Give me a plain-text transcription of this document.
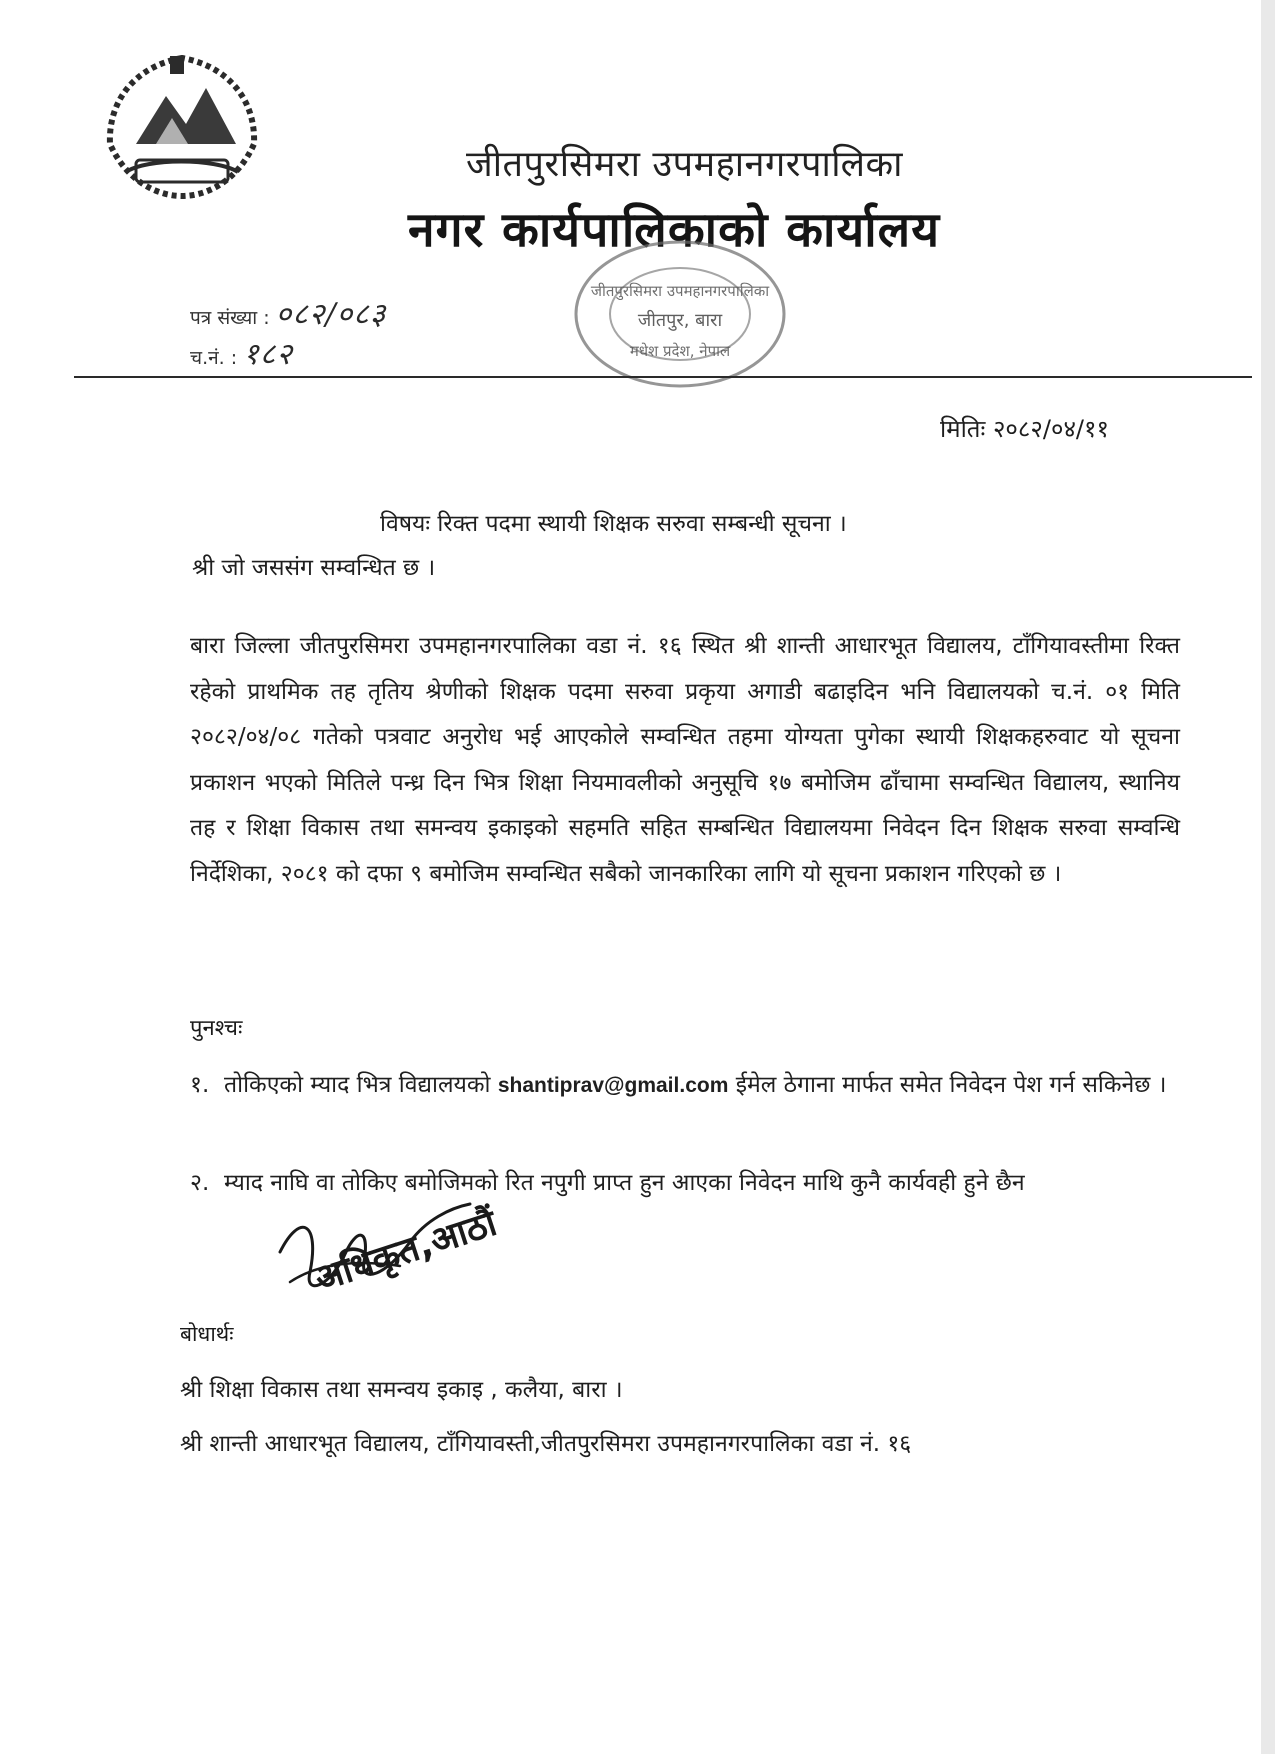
जीतपुरसिमरा उपमहानगरपालिका
नगर कार्यपालिकाको कार्यालय
पत्र संख्या : ०८२/०८३
च.नं. : १८२
जीतपुरसिमरा उपमहानगरपालिका
जीतपुर, बारा
मधेश प्रदेश, नेपाल
मितिः २०८२/०४/११
विषयः रिक्त पदमा स्थायी शिक्षक सरुवा सम्बन्धी सूचना ।
श्री जो जससंग सम्वन्धित छ ।
बारा जिल्ला जीतपुरसिमरा उपमहानगरपालिका वडा नं. १६ स्थित श्री शान्ती आधारभूत विद्यालय, टाँगियावस्तीमा रिक्त रहेको प्राथमिक तह तृतिय श्रेणीको शिक्षक पदमा सरुवा प्रकृया अगाडी बढाइदिन भनि विद्यालयको च.नं. ०१ मिति २०८२/०४/०८ गतेको पत्रवाट अनुरोध भई आएकोले सम्वन्धित तहमा योग्यता पुगेका स्थायी शिक्षकहरुवाट यो सूचना प्रकाशन भएको मितिले पन्ध्र दिन भित्र शिक्षा नियमावलीको अनुसूचि १७ बमोजिम ढाँचामा सम्वन्धित विद्यालय, स्थानिय तह र शिक्षा विकास तथा समन्वय इकाइको सहमति सहित सम्बन्धित विद्यालयमा निवेदन दिन शिक्षक सरुवा सम्वन्धि निर्देशिका, २०८१ को दफा ९ बमोजिम सम्वन्धित सबैको जानकारिका लागि यो सूचना प्रकाशन गरिएको छ ।
पुनश्चः
१. तोकिएको म्याद भित्र विद्यालयको shantiprav@gmail.com ईमेल ठेगाना मार्फत समेत निवेदन पेश गर्न सकिनेछ ।
२. म्याद नाघि वा तोकिए बमोजिमको रित नपुगी प्राप्त हुन आएका निवेदन माथि कुनै कार्यवही हुने छैन
अधिकृत,आठौं
बोधार्थः
श्री शिक्षा विकास तथा समन्वय इकाइ , कलैया, बारा ।
श्री शान्ती आधारभूत विद्यालय, टाँगियावस्ती,जीतपुरसिमरा उपमहानगरपालिका वडा नं. १६
